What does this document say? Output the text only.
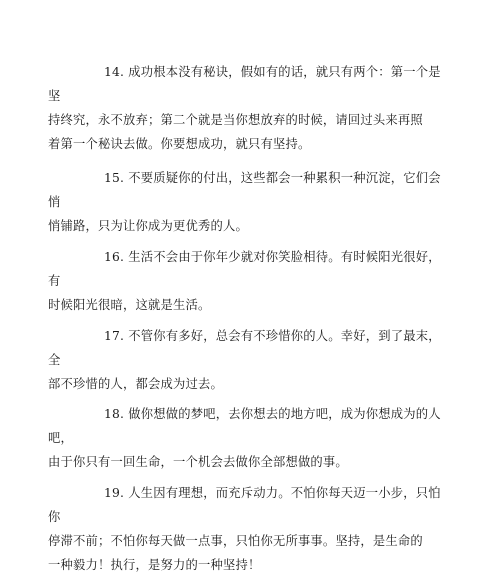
14. 成功根本没有秘诀，假如有的话，就只有两个：第一个是坚
持终究，永不放弃；第二个就是当你想放弃的时候，请回过头来再照
着第一个秘诀去做。你要想成功，就只有坚持。

15. 不要质疑你的付出，这些都会一种累积一种沉淀，它们会悄
悄铺路，只为让你成为更优秀的人。

16. 生活不会由于你年少就对你笑脸相待。有时候阳光很好，有
时候阳光很暗，这就是生活。

17. 不管你有多好，总会有不珍惜你的人。幸好，到了最末，全
部不珍惜的人，都会成为过去。

18. 做你想做的梦吧，去你想去的地方吧，成为你想成为的人吧，
由于你只有一回生命，一个机会去做你全部想做的事。

19. 人生因有理想，而充斥动力。不怕你每天迈一小步，只怕你
停滞不前；不怕你每天做一点事，只怕你无所事事。坚持，是生命的
一种毅力！执行，是努力的一种坚持！
